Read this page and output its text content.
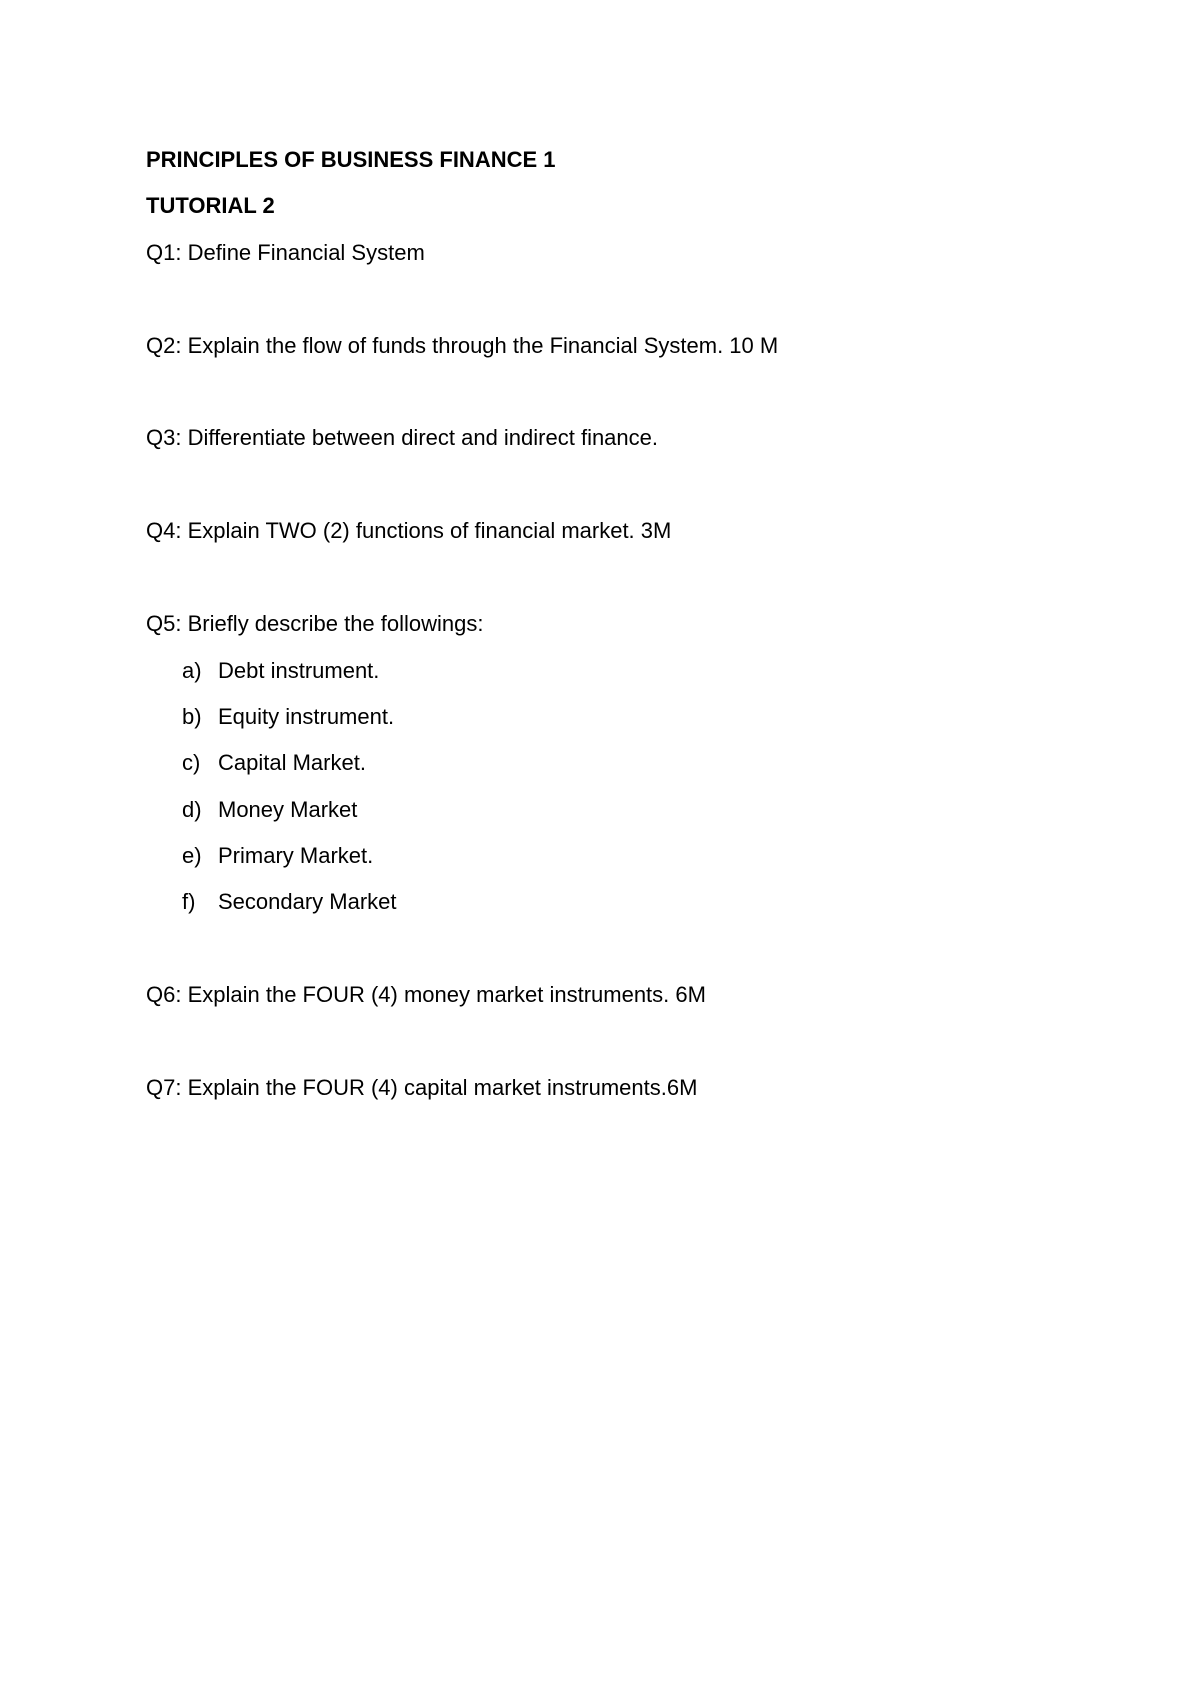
PRINCIPLES OF BUSINESS FINANCE 1
TUTORIAL 2
Q1: Define Financial System
Q2: Explain the flow of funds through the Financial System. 10 M
Q3: Differentiate between direct and indirect finance.
Q4: Explain TWO (2) functions of financial market. 3M
Q5: Briefly describe the followings:
a) Debt instrument.
b) Equity instrument.
c) Capital Market.
d) Money Market
e) Primary Market.
f) Secondary Market
Q6: Explain the FOUR (4) money market instruments. 6M
Q7: Explain the FOUR (4) capital market instruments.6M
